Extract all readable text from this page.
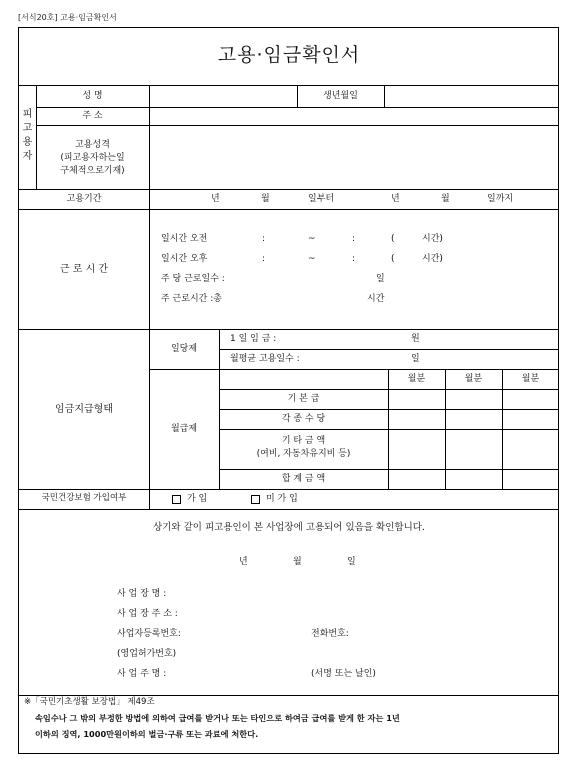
[서식20호] 고용·임금확인서
고용·임금확인서
피
고
용
자
성 명	생년월일
주 소
고용성격
(피고용자하는일
구체적으로기재)
고용기간	년	월	일부터	년	월	일까지
근 로 시 간
일시간 오전	:	~	:	(	시간)
일시간 오후	:	~	:	(	시간)
주 당 근로일수 :	일
주 근로시간 :총	시간
임금지급형태
일당제
1 일 임 금 :	원
월평균 고용일수 :	일
월급제
월분	월분	월분
기 본 급
각 종 수 당
기 타 금 액
(여비, 자동차유지비 등)
합 계 금 액
국민건강보험 가입여부	가 입	미 가 입
상기와 같이 피고용인이 본 사업장에 고용되어 있음을 확인합니다.
년	월	일
사 업 장 명 :
사 업 장 주 소 :
사업자등록번호:	전화번호:
(영업허가번호)
사 업 주 명 :	(서명 또는 날인)
※「국민기초생활 보장법」 제49조
속임수나 그 밖의 부정한 방법에 의하여 급여를 받거나 또는 타인으로 하여금 급여를 받게 한 자는 1년
이하의 징역, 1000만원이하의 벌금·구류 또는 과료에 처한다.
